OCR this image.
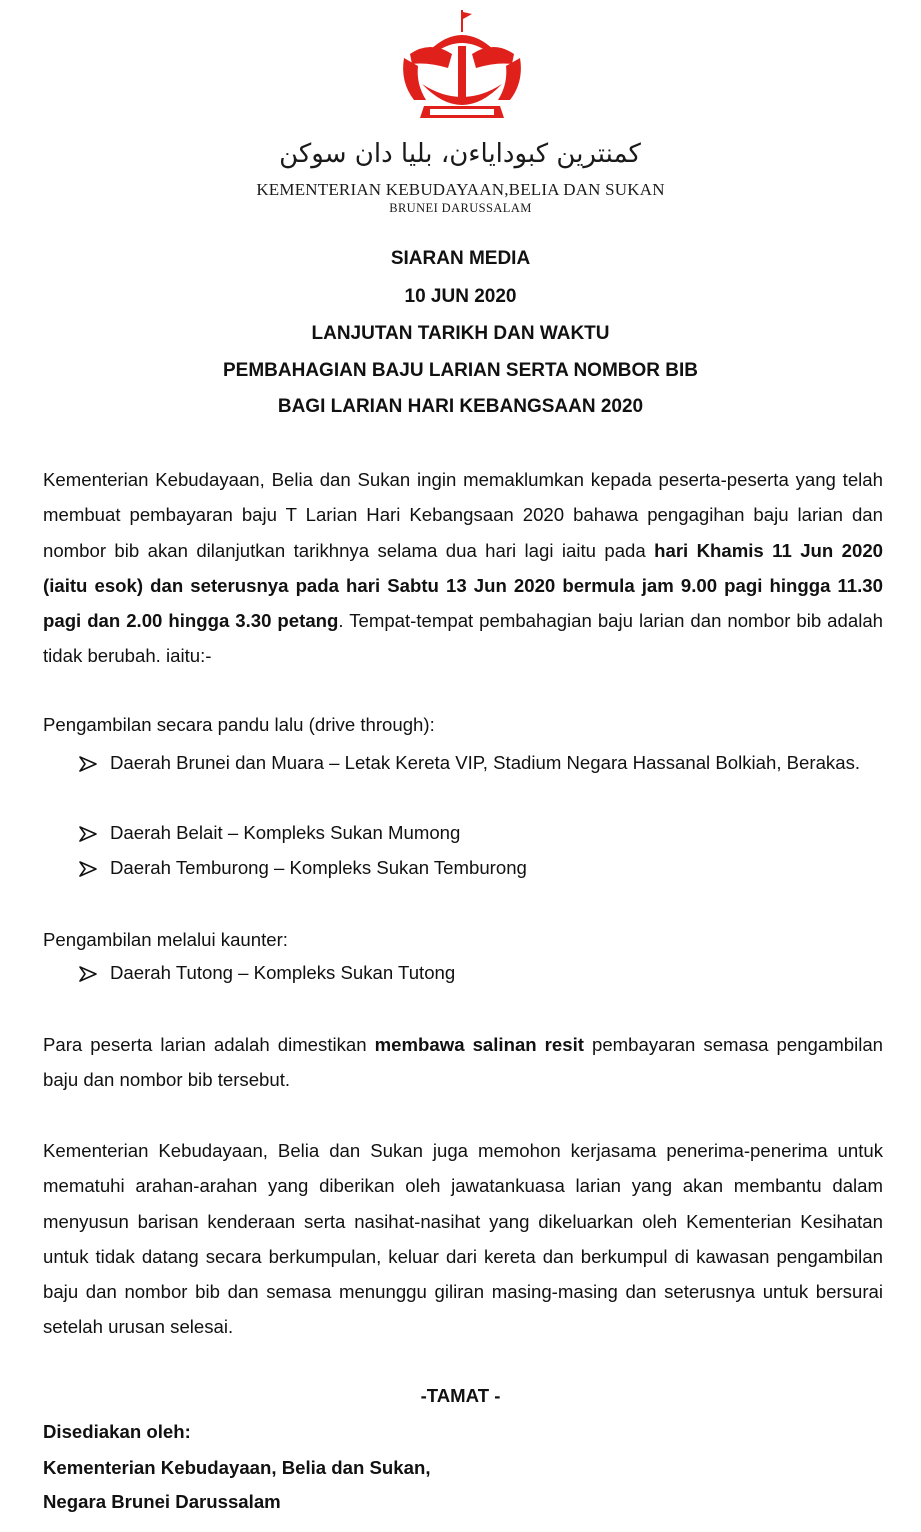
كمنترين كبوداياءن، بليا دان سوكن
KEMENTERIAN KEBUDAYAAN,BELIA DAN SUKAN
BRUNEI DARUSSALAM
SIARAN MEDIA
10 JUN 2020
LANJUTAN TARIKH DAN WAKTU
PEMBAHAGIAN BAJU LARIAN SERTA NOMBOR BIB
BAGI LARIAN HARI KEBANGSAAN 2020
Kementerian Kebudayaan, Belia dan Sukan ingin memaklumkan kepada peserta-peserta yang telah membuat pembayaran baju T Larian Hari Kebangsaan 2020 bahawa pengagihan baju larian dan nombor bib akan dilanjutkan tarikhnya selama dua hari lagi iaitu pada hari Khamis 11 Jun 2020 (iaitu esok) dan seterusnya pada hari Sabtu 13 Jun 2020 bermula jam 9.00 pagi hingga 11.30 pagi dan 2.00 hingga 3.30 petang. Tempat-tempat pembahagian baju larian dan nombor bib adalah tidak berubah. iaitu:-
Pengambilan secara pandu lalu (drive through):
Daerah Brunei dan Muara – Letak Kereta VIP, Stadium Negara Hassanal Bolkiah, Berakas.
Daerah Belait – Kompleks Sukan Mumong
Daerah Temburong – Kompleks Sukan Temburong
Pengambilan melalui kaunter:
Daerah Tutong – Kompleks Sukan Tutong
Para peserta larian adalah dimestikan membawa salinan resit pembayaran semasa pengambilan baju dan nombor bib tersebut.
Kementerian Kebudayaan, Belia dan Sukan juga memohon kerjasama penerima-penerima untuk mematuhi arahan-arahan yang diberikan oleh jawatankuasa larian yang akan membantu dalam menyusun barisan kenderaan serta nasihat-nasihat yang dikeluarkan oleh Kementerian Kesihatan untuk tidak datang secara berkumpulan, keluar dari kereta dan berkumpul di kawasan pengambilan baju dan nombor bib dan semasa menunggu giliran masing-masing dan seterusnya untuk bersurai setelah urusan selesai.
-TAMAT -
Disediakan oleh:
Kementerian Kebudayaan, Belia dan Sukan,
Negara Brunei Darussalam
